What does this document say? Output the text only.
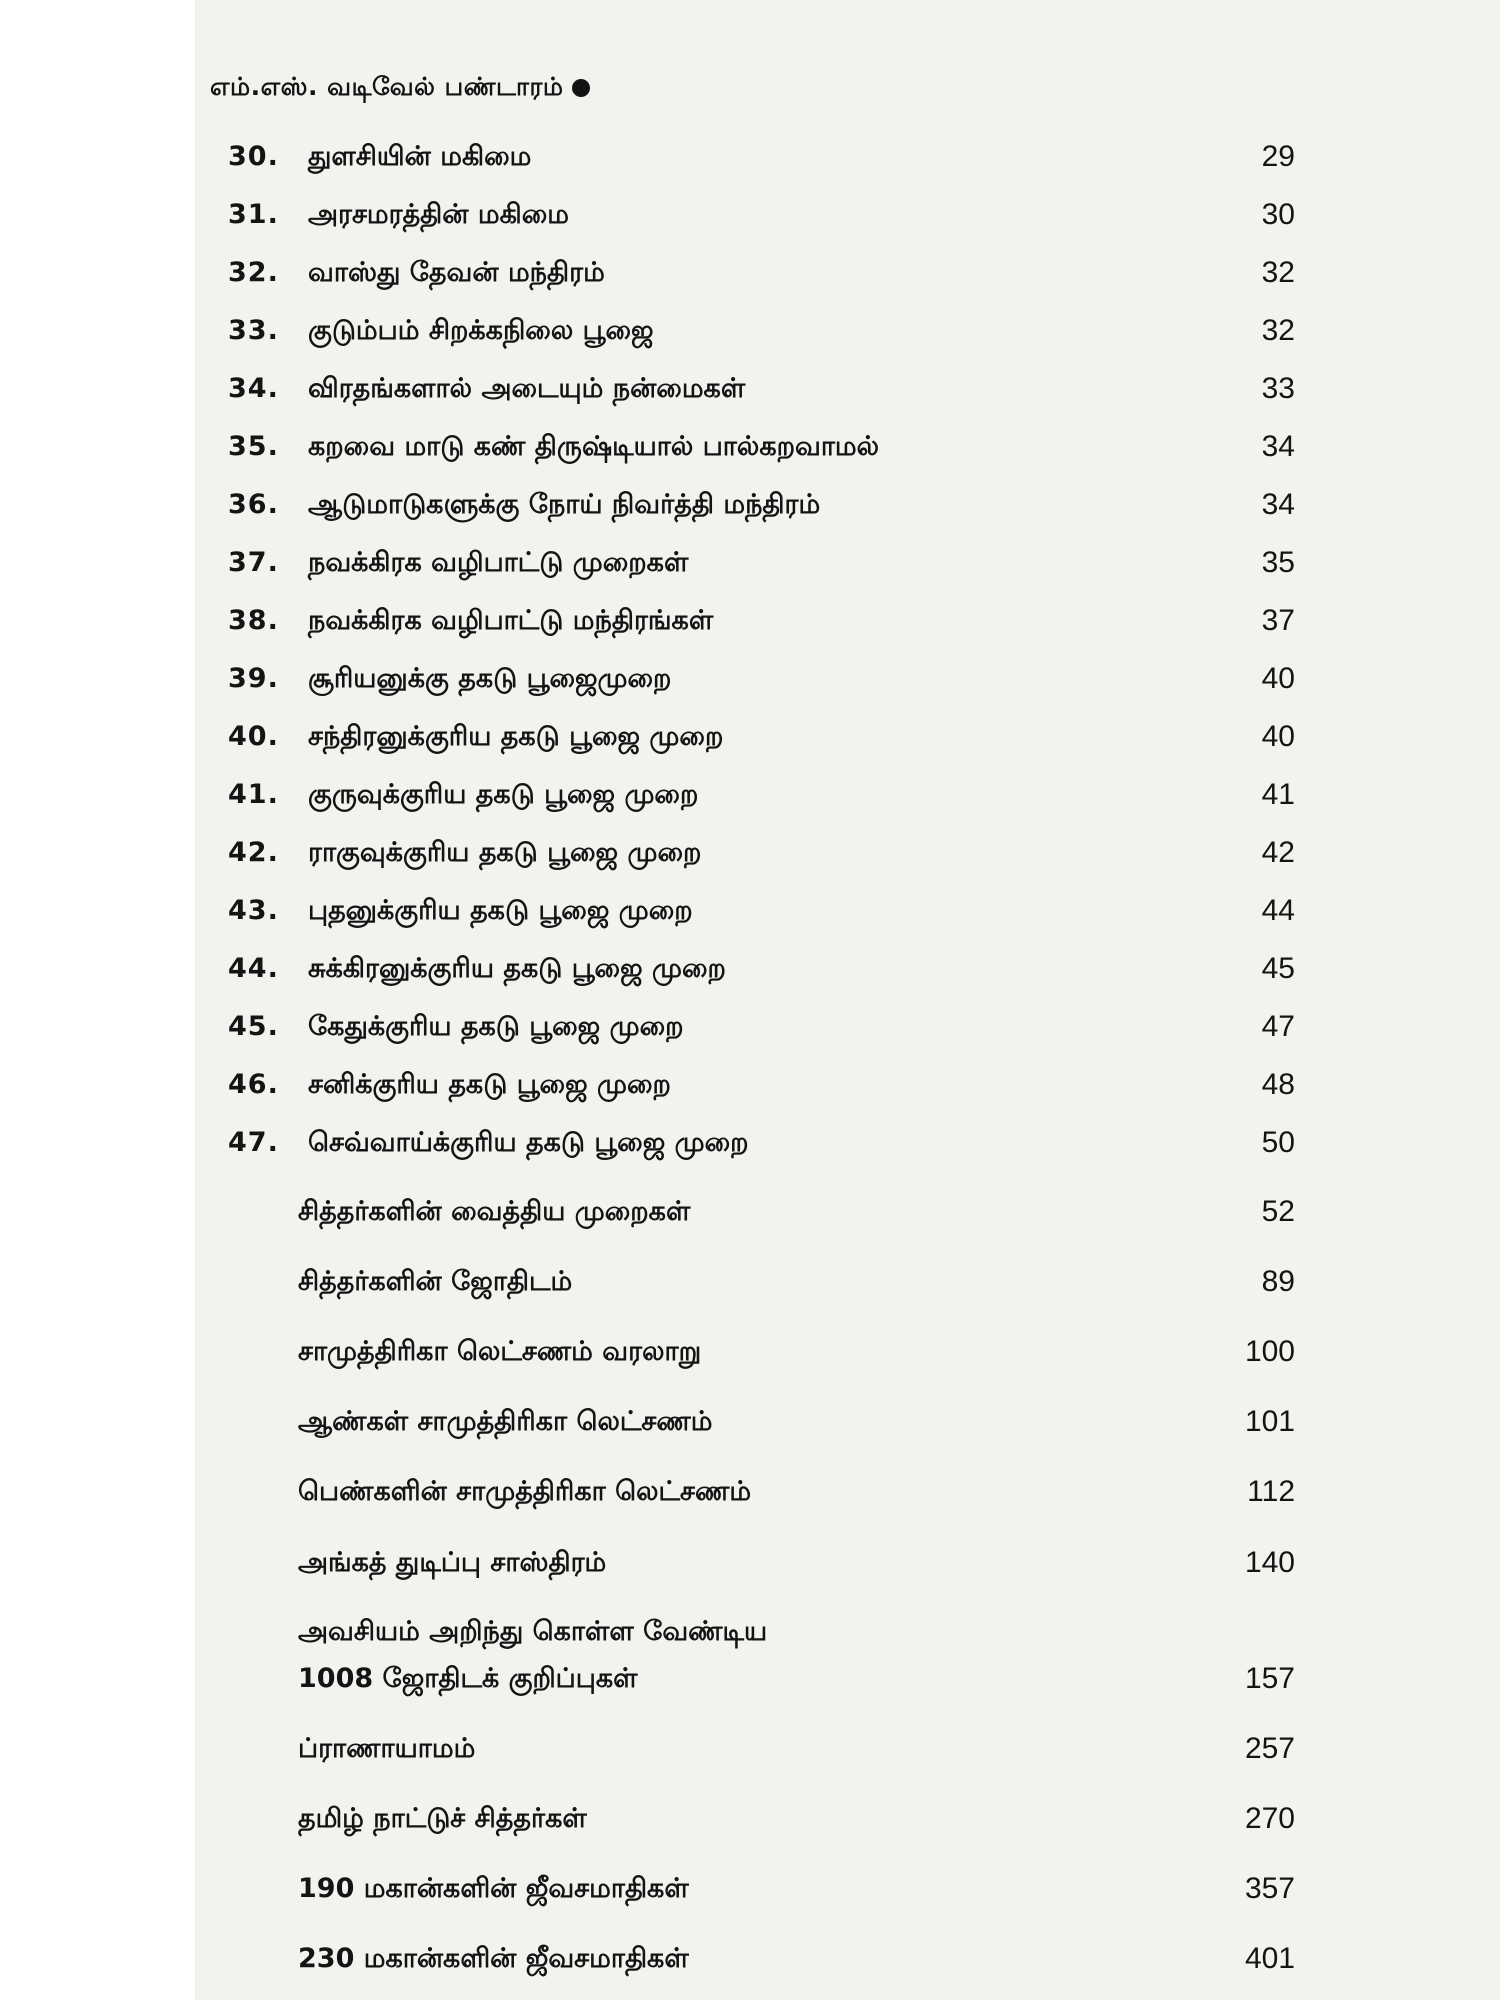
எம்.எஸ். வடிவேல் பண்டாரம்
30. துளசியின் மகிமை	29
31. அரசமரத்தின் மகிமை	30
32. வாஸ்து தேவன் மந்திரம்	32
33. குடும்பம் சிறக்கநிலை பூஜை	32
34. விரதங்களால் அடையும் நன்மைகள்	33
35. கறவை மாடு கண் திருஷ்டியால் பால்கறவாமல்	34
36. ஆடுமாடுகளுக்கு நோய் நிவர்த்தி மந்திரம்	34
37. நவக்கிரக வழிபாட்டு முறைகள்	35
38. நவக்கிரக வழிபாட்டு மந்திரங்கள்	37
39. சூரியனுக்கு தகடு பூஜைமுறை	40
40. சந்திரனுக்குரிய தகடு பூஜை முறை	40
41. குருவுக்குரிய தகடு பூஜை முறை	41
42. ராகுவுக்குரிய தகடு பூஜை முறை	42
43. புதனுக்குரிய தகடு பூஜை முறை	44
44. சுக்கிரனுக்குரிய தகடு பூஜை முறை	45
45. கேதுக்குரிய தகடு பூஜை முறை	47
46. சனிக்குரிய தகடு பூஜை முறை	48
47. செவ்வாய்க்குரிய தகடு பூஜை முறை	50
சித்தர்களின் வைத்திய முறைகள்	52
சித்தர்களின் ஜோதிடம்	89
சாமுத்திரிகா லெட்சணம் வரலாறு	100
ஆண்கள் சாமுத்திரிகா லெட்சணம்	101
பெண்களின் சாமுத்திரிகா லெட்சணம்	112
அங்கத் துடிப்பு சாஸ்திரம்	140
அவசியம் அறிந்து கொள்ள வேண்டிய
1008 ஜோதிடக் குறிப்புகள்	157
ப்ராணாயாமம்	257
தமிழ் நாட்டுச் சித்தர்கள்	270
190 மகான்களின் ஜீவசமாதிகள்	357
230 மகான்களின் ஜீவசமாதிகள்	401
